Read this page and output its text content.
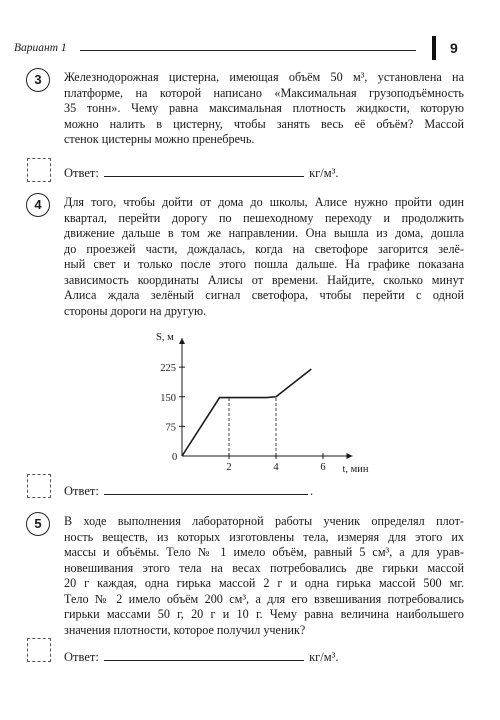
Вариант 1	9
3	Железнодорожная цистерна, имеющая объём 50 м³, установлена на
платформе, на которой написано «Максимальная грузоподъёмность
35 тонн». Чему равна максимальная плотность жидкости, которую
можно налить в цистерну, чтобы занять весь её объём? Массой
стенок цистерны можно пренебречь.
Ответ:	кг/м³.
4	Для того, чтобы дойти от дома до школы, Алисе нужно пройти один
квартал, перейти дорогу по пешеходному переходу и продолжить
движение дальше в том же направлении. Она вышла из дома, дошла
до проезжей части, дождалась, когда на светофоре загорится зелё-
ный свет и только после этого пошла дальше. На графике показана
зависимость координаты Алисы от времени. Найдите, сколько минут
Алиса ждала зелёный сигнал светофора, чтобы перейти с одной
стороны дороги на другую.
S, м
t, мин
0
75
150
225
2	4	6
Ответ:	.
5	В ходе выполнения лабораторной работы ученик определял плот-
ность веществ, из которых изготовлены тела, измеряя для этого их
массы и объёмы. Тело № 1 имело объём, равный 5 см³, а для урав-
новешивания этого тела на весах потребовались две гирьки массой
20 г каждая, одна гирька массой 2 г и одна гирька массой 500 мг.
Тело № 2 имело объём 200 см³, а для его взвешивания потребовались
гирьки массами 50 г, 20 г и 10 г. Чему равна величина наибольшего
значения плотности, которое получил ученик?
Ответ:	кг/м³.
